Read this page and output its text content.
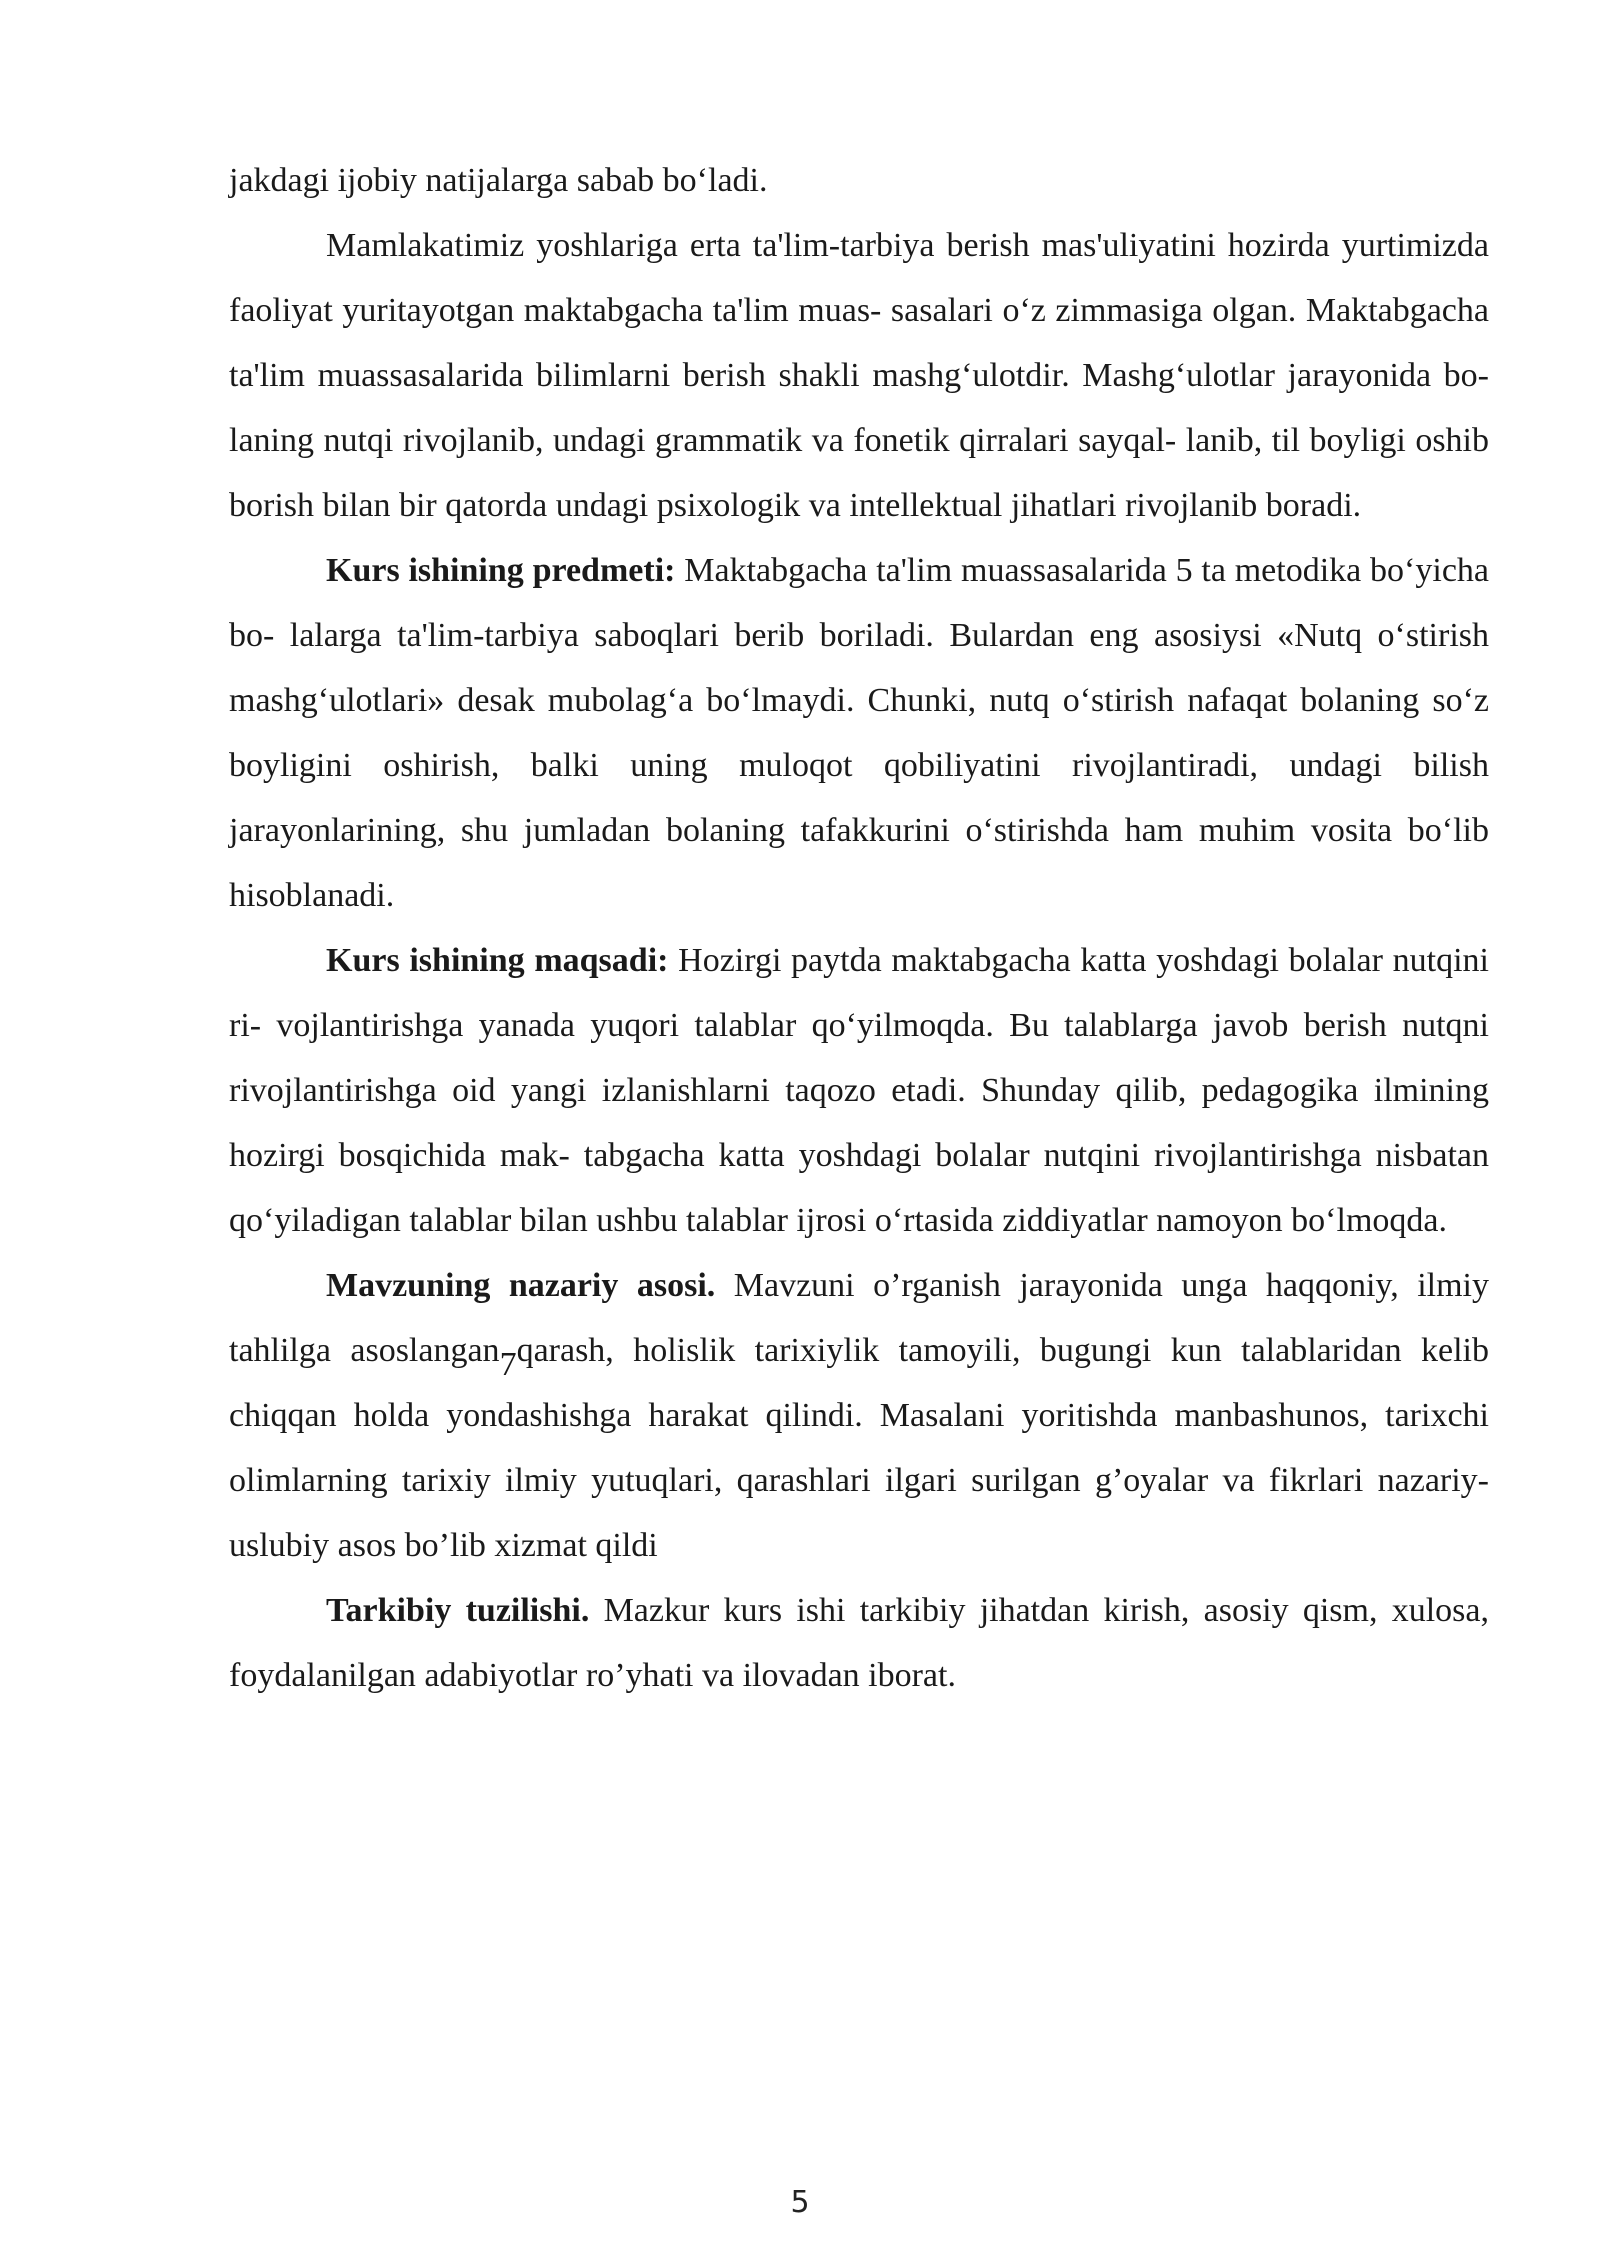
jakdagi ijobiy natijalarga sabab bo‘ladi.

Mamlakatimiz yoshlariga erta ta'lim-tarbiya berish mas'uliyatini hozirda yurtimizda faoliyat yuritayotgan maktabgacha ta'lim muas- sasalari o‘z zimmasiga olgan. Maktabgacha ta'lim muassasalarida bilimlarni berish shakli mashg‘ulotdir. Mashg‘ulotlar jarayonida bo- laning nutqi rivojlanib, undagi grammatik va fonetik qirralari sayqal- lanib, til boyligi oshib borish bilan bir qatorda undagi psixologik va intellektual jihatlari rivojlanib boradi.

Kurs ishining predmeti: Maktabgacha ta'lim muassasalarida 5 ta metodika bo‘yicha bo- lalarga ta'lim-tarbiya saboqlari berib boriladi. Bulardan eng asosiysi «Nutq o‘stirish mashg‘ulotlari» desak mubolag‘a bo‘lmaydi. Chunki, nutq o‘stirish nafaqat bolaning so‘z boyligini oshirish, balki uning muloqot qobiliyatini rivojlantiradi, undagi bilish jarayonlarining, shu jumladan bolaning tafakkurini o‘stirishda ham muhim vosita bo‘lib hisoblanadi.

Kurs ishining maqsadi: Hozirgi paytda maktabgacha katta yoshdagi bolalar nutqini ri- vojlantirishga yanada yuqori talablar qo‘yilmoqda. Bu talablarga javob berish nutqni rivojlantirishga oid yangi izlanishlarni taqozo etadi. Shunday qilib, pedagogika ilmining hozirgi bosqichida mak- tabgacha katta yoshdagi bolalar nutqini rivojlantirishga nisbatan qo‘yiladigan talablar bilan ushbu talablar ijrosi o‘rtasida ziddiyatlar namoyon bo‘lmoqda.

Mavzuning nazariy asosi. Mavzuni o’rganish jarayonida unga haqqoniy, ilmiy tahlilga asoslangan7qarash, holislik tarixiylik tamoyili, bugungi kun talablaridan kelib chiqqan holda yondashishga harakat qilindi. Masalani yoritishda manbashunos, tarixchi olimlarning tarixiy ilmiy yutuqlari, qarashlari ilgari surilgan g’oyalar va fikrlari nazariy-uslubiy asos bo’lib xizmat qildi

Tarkibiy tuzilishi. Mazkur kurs ishi tarkibiy jihatdan kirish, asosiy qism, xulosa, foydalanilgan adabiyotlar ro’yhati va ilovadan iborat.

5
